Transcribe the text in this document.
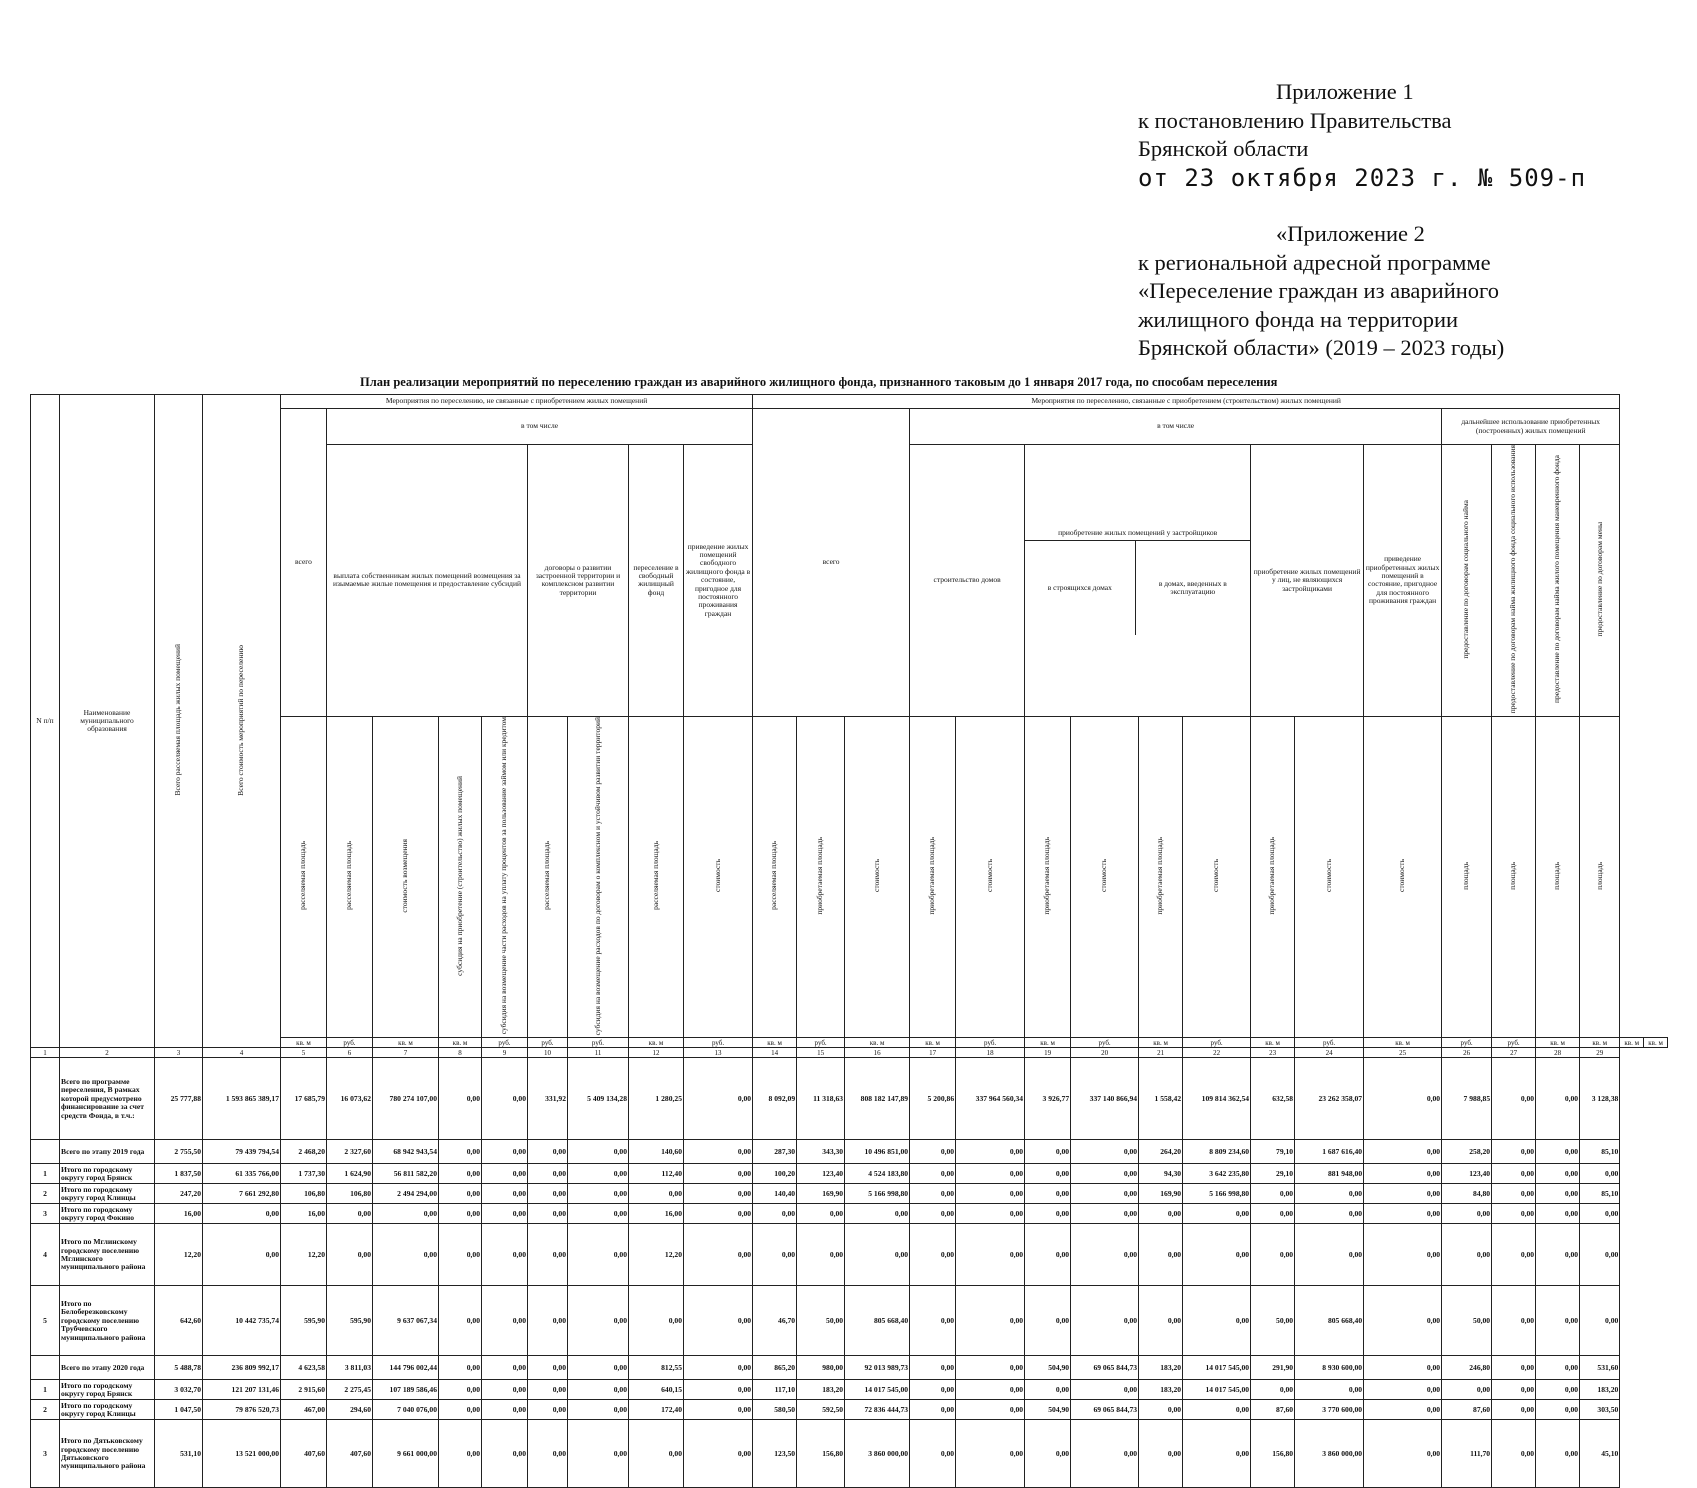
Приложение 1
к постановлению Правительства
Брянской области
от 23 октября 2023 г. № 509-п
«Приложение 2
к региональной адресной программе
«Переселение граждан из аварийного
жилищного фонда на территории
Брянской области» (2019 – 2023 годы)
План реализации мероприятий по переселению граждан из аварийного жилищного фонда, признанного таковым до 1 января 2017 года, по способам переселения
N п/п	Наименование муниципального образования	Всего расселяемая площадь жилых помещений	Всего стоимость мероприятий по переселению	Мероприятия по переселению, не связанные с приобретением жилых помещений									Мероприятия по переселению, связанные с приобретением (строительством) жилых помещений																	
				всего	в том числе								всего			в том числе									дальнейшее использование приобретенных (построенных) жилых помещений					
					выплата собственникам жилых помещений возмещения за изымаемые жилые помещения и предоставление субсидий				договоры о развитии застроенной территории и комплексном развитии территории		переселение в свободный жилищный фонд	приведение жилых помещений свободного жилищного фонда в состояние, пригодное для постоянного проживания граждан				строительство домов		приобретение жилых помещений у застройщиков
в строящихся домах в домах, введенных в эксплуатацию				приобретение жилых помещений у лиц, не являющихся застройщиками		приведение приобретенных жилых помещений в состояние, пригодное для постоянного проживания граждан	предоставление по договорам социального найма	предоставление по договорам найма жилищного фонда социального использования	предоставление по договорам найма жилого помещения маневренного фонда	предоставление по договорам мены		
				расселяемая площадь	расселяемая площадь	стоимость возмещения	субсидия на приобретение (строительство) жилых помещений	субсидия на возмещение части расходов на уплату процентов за пользование займом или кредитом	расселяемая площадь	субсидия на возмещение расходов по договорам о комплексном и устойчивом развитии территорий	расселяемая площадь	стоимость	расселяемая площадь	приобретаемая площадь	стоимость	приобретаемая площадь	стоимость	приобретаемая площадь	стоимость	приобретаемая площадь	стоимость	приобретаемая площадь	стоимость	стоимость	площадь	площадь	площадь	площадь		
				кв. м	руб.	кв. м	кв. м	руб.	руб.	руб.	кв. м	руб.	кв. м	руб.	кв. м	кв. м	руб.	кв. м	руб.	кв. м	руб.	кв. м	руб.	кв. м	руб.	руб.	кв. м	кв. м	кв. м	кв. м
1	2	3	4	5	6	7	8	9	10	11	12	13	14	15	16	17	18	19	20	21	22	23	24	25	26	27	28	29		
	Всего по программе переселения, В рамках которой предусмотрено финансирование за счет средств Фонда, в т.ч.:	25 777,88	1 593 865 389,17	17 685,79	16 073,62	780 274 107,00	0,00	0,00	331,92	5 409 134,28	1 280,25	0,00	8 092,09	11 318,63	808 182 147,89	5 200,86	337 964 560,34	3 926,77	337 140 866,94	1 558,42	109 814 362,54	632,58	23 262 358,07	0,00	7 988,85	0,00	0,00	3 128,38		
	Всего по этапу 2019 года	2 755,50	79 439 794,54	2 468,20	2 327,60	68 942 943,54	0,00	0,00	0,00	0,00	140,60	0,00	287,30	343,30	10 496 851,00	0,00	0,00	0,00	0,00	264,20	8 809 234,60	79,10	1 687 616,40	0,00	258,20	0,00	0,00	85,10		
1	Итого по городскому округу город Брянск	1 837,50	61 335 766,00	1 737,30	1 624,90	56 811 582,20	0,00	0,00	0,00	0,00	112,40	0,00	100,20	123,40	4 524 183,80	0,00	0,00	0,00	0,00	94,30	3 642 235,80	29,10	881 948,00	0,00	123,40	0,00	0,00	0,00		
2	Итого по городскому округу город Клинцы	247,20	7 661 292,80	106,80	106,80	2 494 294,00	0,00	0,00	0,00	0,00	0,00	0,00	140,40	169,90	5 166 998,80	0,00	0,00	0,00	0,00	169,90	5 166 998,80	0,00	0,00	0,00	84,80	0,00	0,00	85,10		
3	Итого по городскому округу город Фокино	16,00	0,00	16,00	0,00	0,00	0,00	0,00	0,00	0,00	16,00	0,00	0,00	0,00	0,00	0,00	0,00	0,00	0,00	0,00	0,00	0,00	0,00	0,00	0,00	0,00	0,00	0,00		
4	Итого по Мглинскому городскому поселению Мглинского муниципального района	12,20	0,00	12,20	0,00	0,00	0,00	0,00	0,00	0,00	12,20	0,00	0,00	0,00	0,00	0,00	0,00	0,00	0,00	0,00	0,00	0,00	0,00	0,00	0,00	0,00	0,00	0,00		
5	Итого по Белоберезковскому городскому поселению Трубчевского муниципального района	642,60	10 442 735,74	595,90	595,90	9 637 067,34	0,00	0,00	0,00	0,00	0,00	0,00	46,70	50,00	805 668,40	0,00	0,00	0,00	0,00	0,00	0,00	50,00	805 668,40	0,00	50,00	0,00	0,00	0,00		
	Всего по этапу 2020 года	5 488,78	236 809 992,17	4 623,58	3 811,03	144 796 002,44	0,00	0,00	0,00	0,00	812,55	0,00	865,20	980,00	92 013 989,73	0,00	0,00	504,90	69 065 844,73	183,20	14 017 545,00	291,90	8 930 600,00	0,00	246,80	0,00	0,00	531,60		
1	Итого по городскому округу город Брянск	3 032,70	121 207 131,46	2 915,60	2 275,45	107 189 586,46	0,00	0,00	0,00	0,00	640,15	0,00	117,10	183,20	14 017 545,00	0,00	0,00	0,00	0,00	183,20	14 017 545,00	0,00	0,00	0,00	0,00	0,00	0,00	183,20		
2	Итого по городскому округу город Клинцы	1 047,50	79 876 520,73	467,00	294,60	7 040 076,00	0,00	0,00	0,00	0,00	172,40	0,00	580,50	592,50	72 836 444,73	0,00	0,00	504,90	69 065 844,73	0,00	0,00	87,60	3 770 600,00	0,00	87,60	0,00	0,00	303,50		
3	Итого по Дятьковскому городскому поселению Дятьковского муниципального района	531,10	13 521 000,00	407,60	407,60	9 661 000,00	0,00	0,00	0,00	0,00	0,00	0,00	123,50	156,80	3 860 000,00	0,00	0,00	0,00	0,00	0,00	0,00	156,80	3 860 000,00	0,00	111,70	0,00	0,00	45,10		
